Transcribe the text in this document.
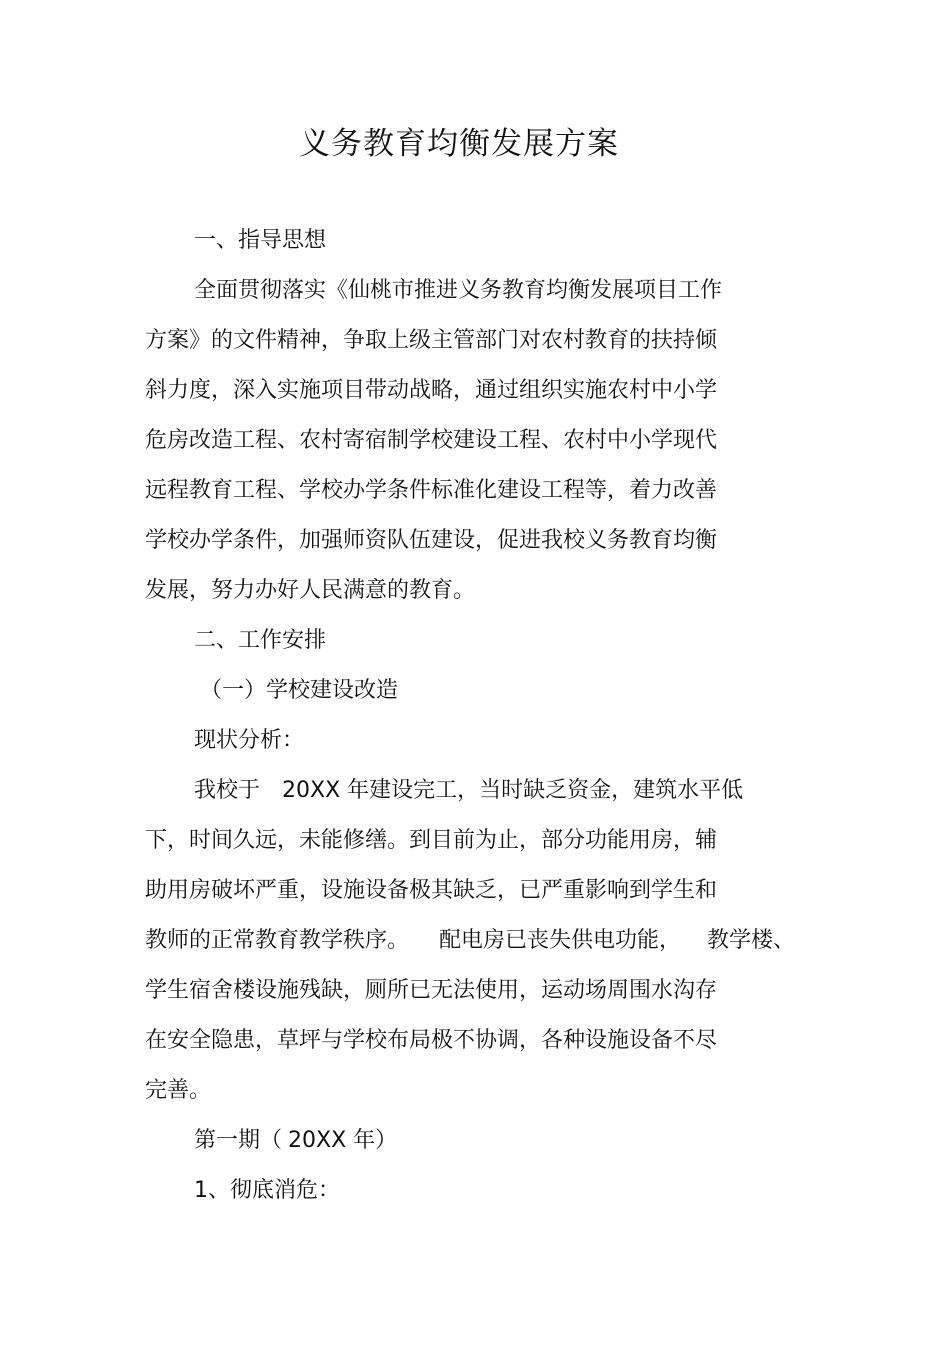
义务教育均衡发展方案

一、指导思想

全面贯彻落实《仙桃市推进义务教育均衡发展项目工作

方案》的文件精神，争取上级主管部门对农村教育的扶持倾

斜力度，深入实施项目带动战略，通过组织实施农村中小学

危房改造工程、农村寄宿制学校建设工程、农村中小学现代

远程教育工程、学校办学条件标准化建设工程等，着力改善

学校办学条件，加强师资队伍建设，促进我校义务教育均衡

发展，努力办好人民满意的教育。

二、工作安排

（一）学校建设改造

现状分析：

我校于 20XX 年建设完工，当时缺乏资金，建筑水平低

下，时间久远，未能修缮。到目前为止，部分功能用房，辅

助用房破坏严重，设施设备极其缺乏，已严重影响到学生和

教师的正常教育教学秩序。 配电房已丧失供电功能， 教学楼、

学生宿舍楼设施残缺，厕所已无法使用，运动场周围水沟存

在安全隐患，草坪与学校布局极不协调，各种设施设备不尽

完善。

第一期（ 20XX 年）

1、彻底消危：
